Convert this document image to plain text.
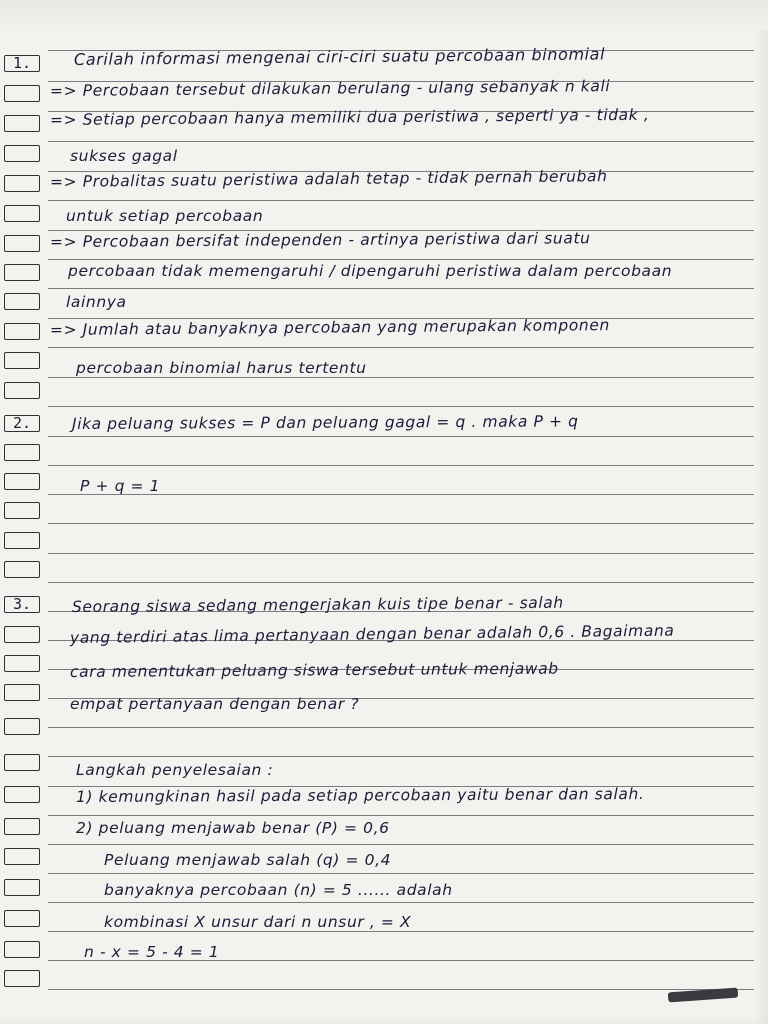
1.
2.
3.
Carilah informasi mengenai ciri-ciri suatu percobaan binomial
=> Percobaan tersebut dilakukan berulang - ulang sebanyak n kali
=> Setiap percobaan hanya memiliki dua peristiwa , seperti ya - tidak ,
sukses gagal
=> Probalitas suatu peristiwa adalah tetap - tidak pernah berubah
untuk setiap percobaan
=> Percobaan bersifat independen - artinya peristiwa dari suatu
percobaan tidak memengaruhi / dipengaruhi peristiwa dalam percobaan
lainnya
=> Jumlah atau banyaknya percobaan yang merupakan komponen
percobaan binomial harus tertentu
Jika peluang sukses = P dan peluang gagal = q . maka P + q
P + q = 1
Seorang siswa sedang mengerjakan kuis tipe benar - salah
yang terdiri atas lima pertanyaan dengan benar adalah 0,6 . Bagaimana
cara menentukan peluang siswa tersebut untuk menjawab
empat pertanyaan dengan benar ?
Langkah penyelesaian :
1) kemungkinan hasil pada setiap percobaan yaitu benar dan salah.
2) peluang menjawab benar (P) = 0,6
Peluang menjawab salah (q) = 0,4
banyaknya percobaan (n) = 5 ...... adalah
kombinasi X unsur dari n unsur , = X
n - x = 5 - 4 = 1
